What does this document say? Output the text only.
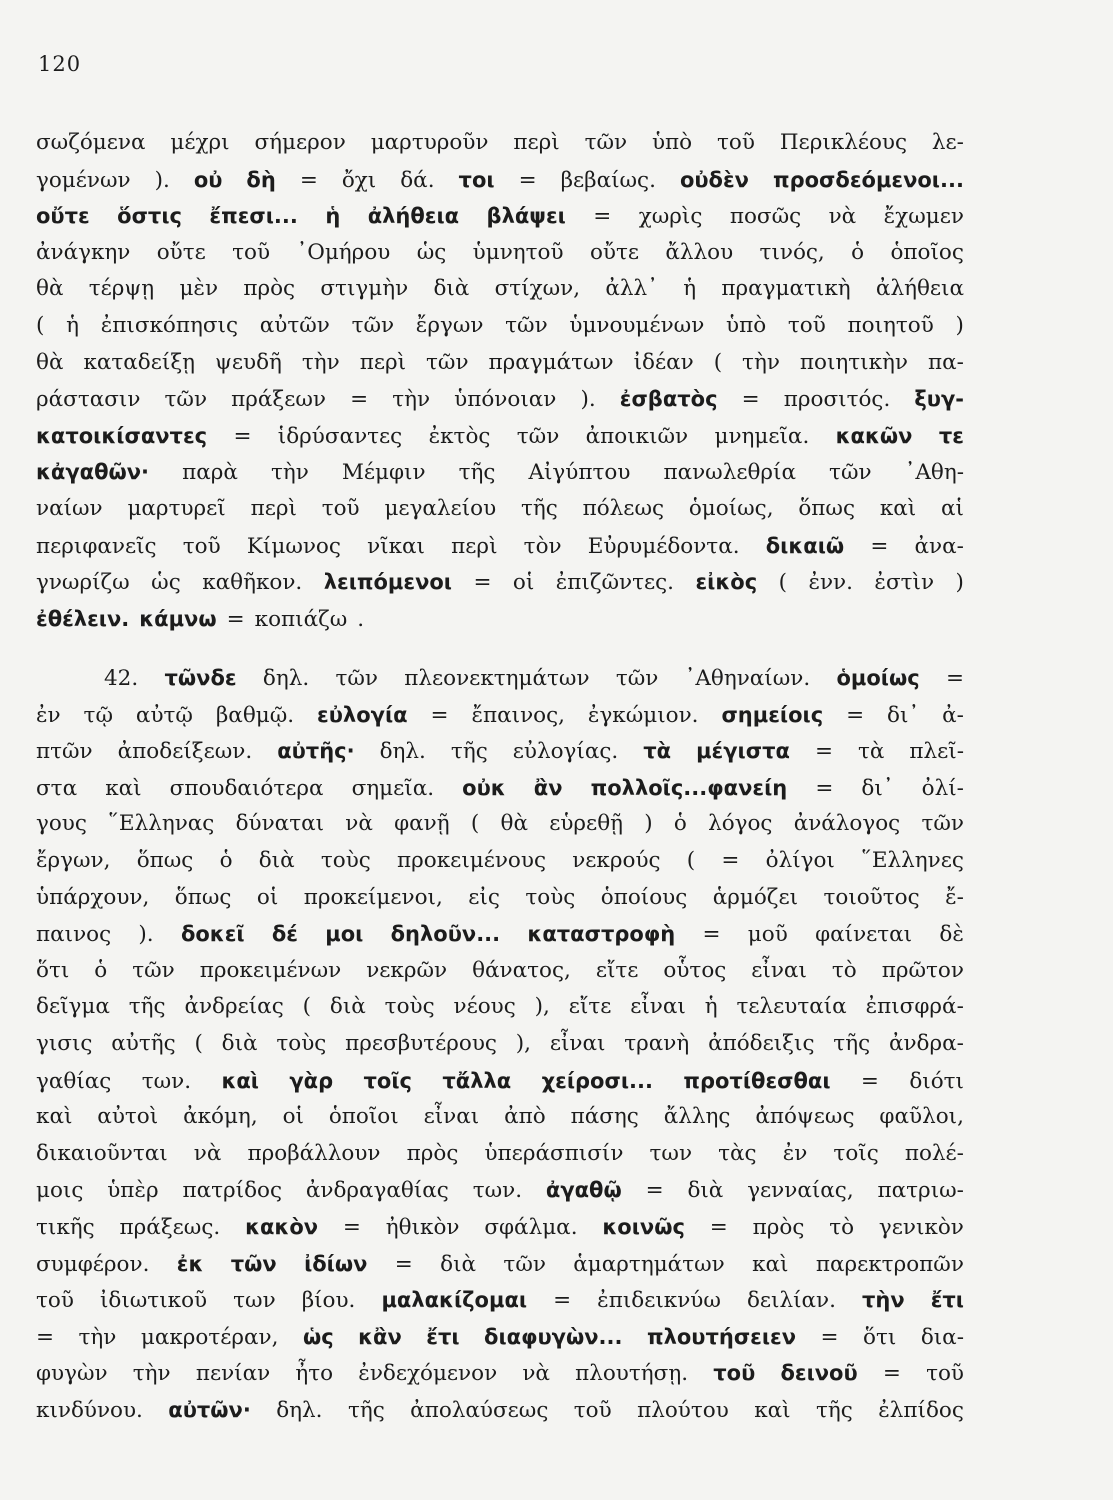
120
σωζόμενα μέχρι σήμερον μαρτυροῦν περὶ τῶν ὑπὸ τοῦ Περικλέους λε-
γομένων ). οὐ δὴ = ὄχι δά. τοι = βεβαίως. οὐδὲν προσδεόμενοι...
οὔτε ὅστις ἔπεσι... ἡ ἀλήθεια βλάψει = χωρὶς ποσῶς νὰ ἔχωμεν
ἀνάγκην οὔτε τοῦ ᾿Ομήρου ὡς ὑμνητοῦ οὔτε ἄλλου τινός, ὁ ὁποῖος
θὰ τέρψῃ μὲν πρὸς στιγμὴν διὰ στίχων, ἀλλ᾿ ἡ πραγματικὴ ἀλήθεια
( ἡ ἐπισκόπησις αὐτῶν τῶν ἔργων τῶν ὑμνουμένων ὑπὸ τοῦ ποιητοῦ )
θὰ καταδείξῃ ψευδῆ τὴν περὶ τῶν πραγμάτων ἰδέαν ( τὴν ποιητικὴν πα-
ράστασιν τῶν πράξεων = τὴν ὑπόνοιαν ). ἐσβατὸς = προσιτός. ξυγ-
κατοικίσαντες = ἱδρύσαντες ἐκτὸς τῶν ἀποικιῶν μνημεῖα. κακῶν τε
κἀγαθῶν· παρὰ τὴν Μέμφιν τῆς Αἰγύπτου πανωλεθρία τῶν ᾿Αθη-
ναίων μαρτυρεῖ περὶ τοῦ μεγαλείου τῆς πόλεως ὁμοίως, ὅπως καὶ αἱ
περιφανεῖς τοῦ Κίμωνος νῖκαι περὶ τὸν Εὐρυμέδοντα. δικαιῶ = ἀνα-
γνωρίζω ὡς καθῆκον. λειπόμενοι = οἱ ἐπιζῶντες. εἰκὸς ( ἐνν. ἐστὶν )
ἐθέλειν. κάμνω = κοπιάζω .
42. τῶνδε δηλ. τῶν πλεονεκτημάτων τῶν ᾿Αθηναίων. ὁμοίως =
ἐν τῷ αὐτῷ βαθμῷ. εὐλογία = ἔπαινος, ἐγκώμιον. σημείοις = δι᾿ ἀ-
πτῶν ἀποδείξεων. αὐτῆς· δηλ. τῆς εὐλογίας. τὰ μέγιστα = τὰ πλεῖ-
στα καὶ σπουδαιότερα σημεῖα. οὐκ ἂν πολλοῖς...φανείη = δι᾿ ὀλί-
γους ῞Ελληνας δύναται νὰ φανῇ ( θὰ εὑρεθῇ ) ὁ λόγος ἀνάλογος τῶν
ἔργων, ὅπως ὁ διὰ τοὺς προκειμένους νεκρούς ( = ὀλίγοι ῞Ελληνες
ὑπάρχουν, ὅπως οἱ προκείμενοι, εἰς τοὺς ὁποίους ἁρμόζει τοιοῦτος ἔ-
παινος ). δοκεῖ δέ μοι δηλοῦν... καταστροφὴ = μοῦ φαίνεται δὲ
ὅτι ὁ τῶν προκειμένων νεκρῶν θάνατος, εἴτε οὗτος εἶναι τὸ πρῶτον
δεῖγμα τῆς ἀνδρείας ( διὰ τοὺς νέους ), εἴτε εἶναι ἡ τελευταία ἐπισφρά-
γισις αὐτῆς ( διὰ τοὺς πρεσβυτέρους ), εἶναι τρανὴ ἀπόδειξις τῆς ἀνδρα-
γαθίας των. καὶ γὰρ τοῖς τἄλλα χείροσι... προτίθεσθαι = διότι
καὶ αὐτοὶ ἀκόμη, οἱ ὁποῖοι εἶναι ἀπὸ πάσης ἄλλης ἀπόψεως φαῦλοι,
δικαιοῦνται νὰ προβάλλουν πρὸς ὑπεράσπισίν των τὰς ἐν τοῖς πολέ-
μοις ὑπὲρ πατρίδος ἀνδραγαθίας των. ἀγαθῷ = διὰ γενναίας, πατριω-
τικῆς πράξεως. κακὸν = ἠθικὸν σφάλμα. κοινῶς = πρὸς τὸ γενικὸν
συμφέρον. ἐκ τῶν ἰδίων = διὰ τῶν ἁμαρτημάτων καὶ παρεκτροπῶν
τοῦ ἰδιωτικοῦ των βίου. μαλακίζομαι = ἐπιδεικνύω δειλίαν. τὴν ἔτι
= τὴν μακροτέραν, ὡς κἂν ἔτι διαφυγὼν... πλουτήσειεν = ὅτι δια-
φυγὼν τὴν πενίαν ἦτο ἐνδεχόμενον νὰ πλουτήσῃ. τοῦ δεινοῦ = τοῦ
κινδύνου. αὐτῶν· δηλ. τῆς ἀπολαύσεως τοῦ πλούτου καὶ τῆς ἐλπίδος
